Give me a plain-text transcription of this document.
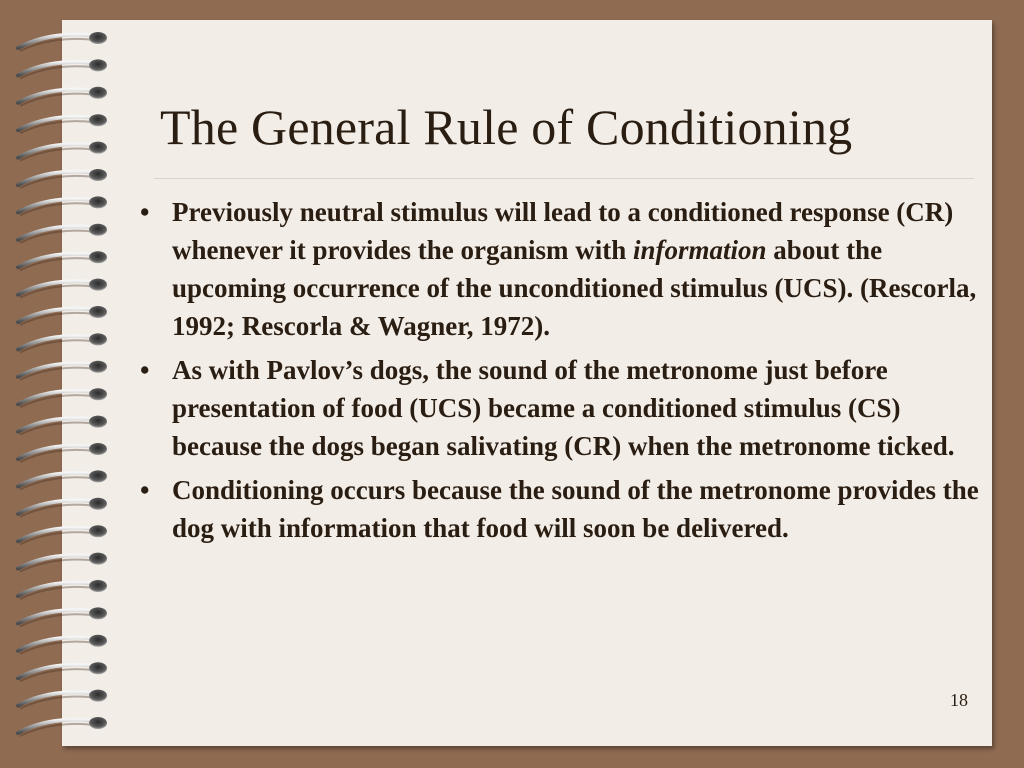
The General Rule of Conditioning
• Previously neutral stimulus will lead to a conditioned response (CR) whenever it provides the organism with information about the upcoming occurrence of the unconditioned stimulus (UCS). (Rescorla, 1992; Rescorla & Wagner, 1972).
• As with Pavlov’s dogs, the sound of the metronome just before presentation of food (UCS) became a conditioned stimulus (CS) because the dogs began salivating (CR) when the metronome ticked.
• Conditioning occurs because the sound of the metronome provides the dog with information that food will soon be delivered.
18
